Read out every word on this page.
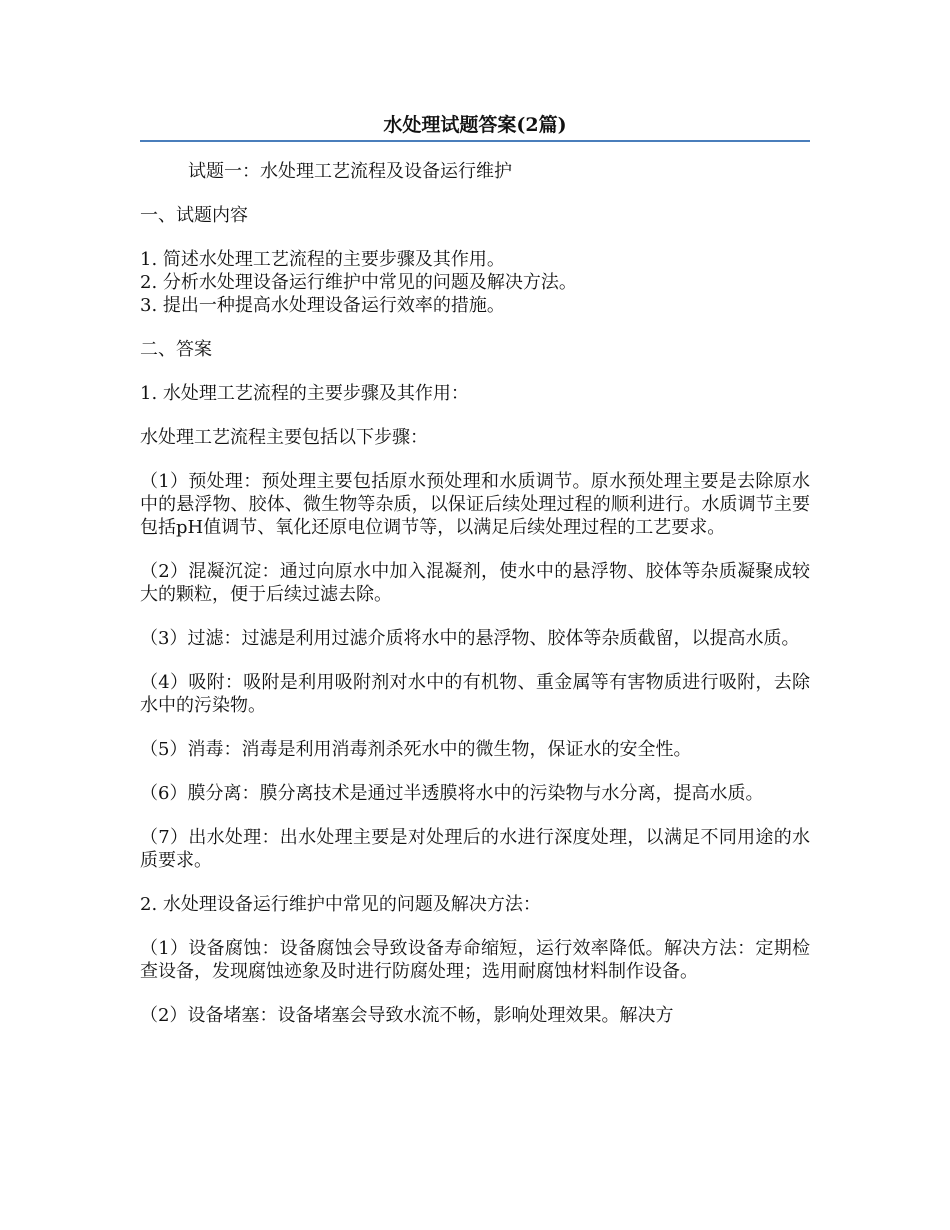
水处理试题答案(2篇)

试题一：水处理工艺流程及设备运行维护

一、试题内容

1. 简述水处理工艺流程的主要步骤及其作用。

2. 分析水处理设备运行维护中常见的问题及解决方法。

3. 提出一种提高水处理设备运行效率的措施。

二、答案

1. 水处理工艺流程的主要步骤及其作用：

水处理工艺流程主要包括以下步骤：

（1）预处理：预处理主要包括原水预处理和水质调节。原水预处理主要是去除原水中的悬浮物、胶体、微生物等杂质，以保证后续处理过程的顺利进行。水质调节主要包括pH值调节、氧化还原电位调节等，以满足后续处理过程的工艺要求。

（2）混凝沉淀：通过向原水中加入混凝剂，使水中的悬浮物、胶体等杂质凝聚成较大的颗粒，便于后续过滤去除。

（3）过滤：过滤是利用过滤介质将水中的悬浮物、胶体等杂质截留，以提高水质。

（4）吸附：吸附是利用吸附剂对水中的有机物、重金属等有害物质进行吸附，去除水中的污染物。

（5）消毒：消毒是利用消毒剂杀死水中的微生物，保证水的安全性。

（6）膜分离：膜分离技术是通过半透膜将水中的污染物与水分离，提高水质。

（7）出水处理：出水处理主要是对处理后的水进行深度处理，以满足不同用途的水质要求。

2. 水处理设备运行维护中常见的问题及解决方法：

（1）设备腐蚀：设备腐蚀会导致设备寿命缩短，运行效率降低。解决方法：定期检查设备，发现腐蚀迹象及时进行防腐处理；选用耐腐蚀材料制作设备。

（2）设备堵塞：设备堵塞会导致水流不畅，影响处理效果。解决方
